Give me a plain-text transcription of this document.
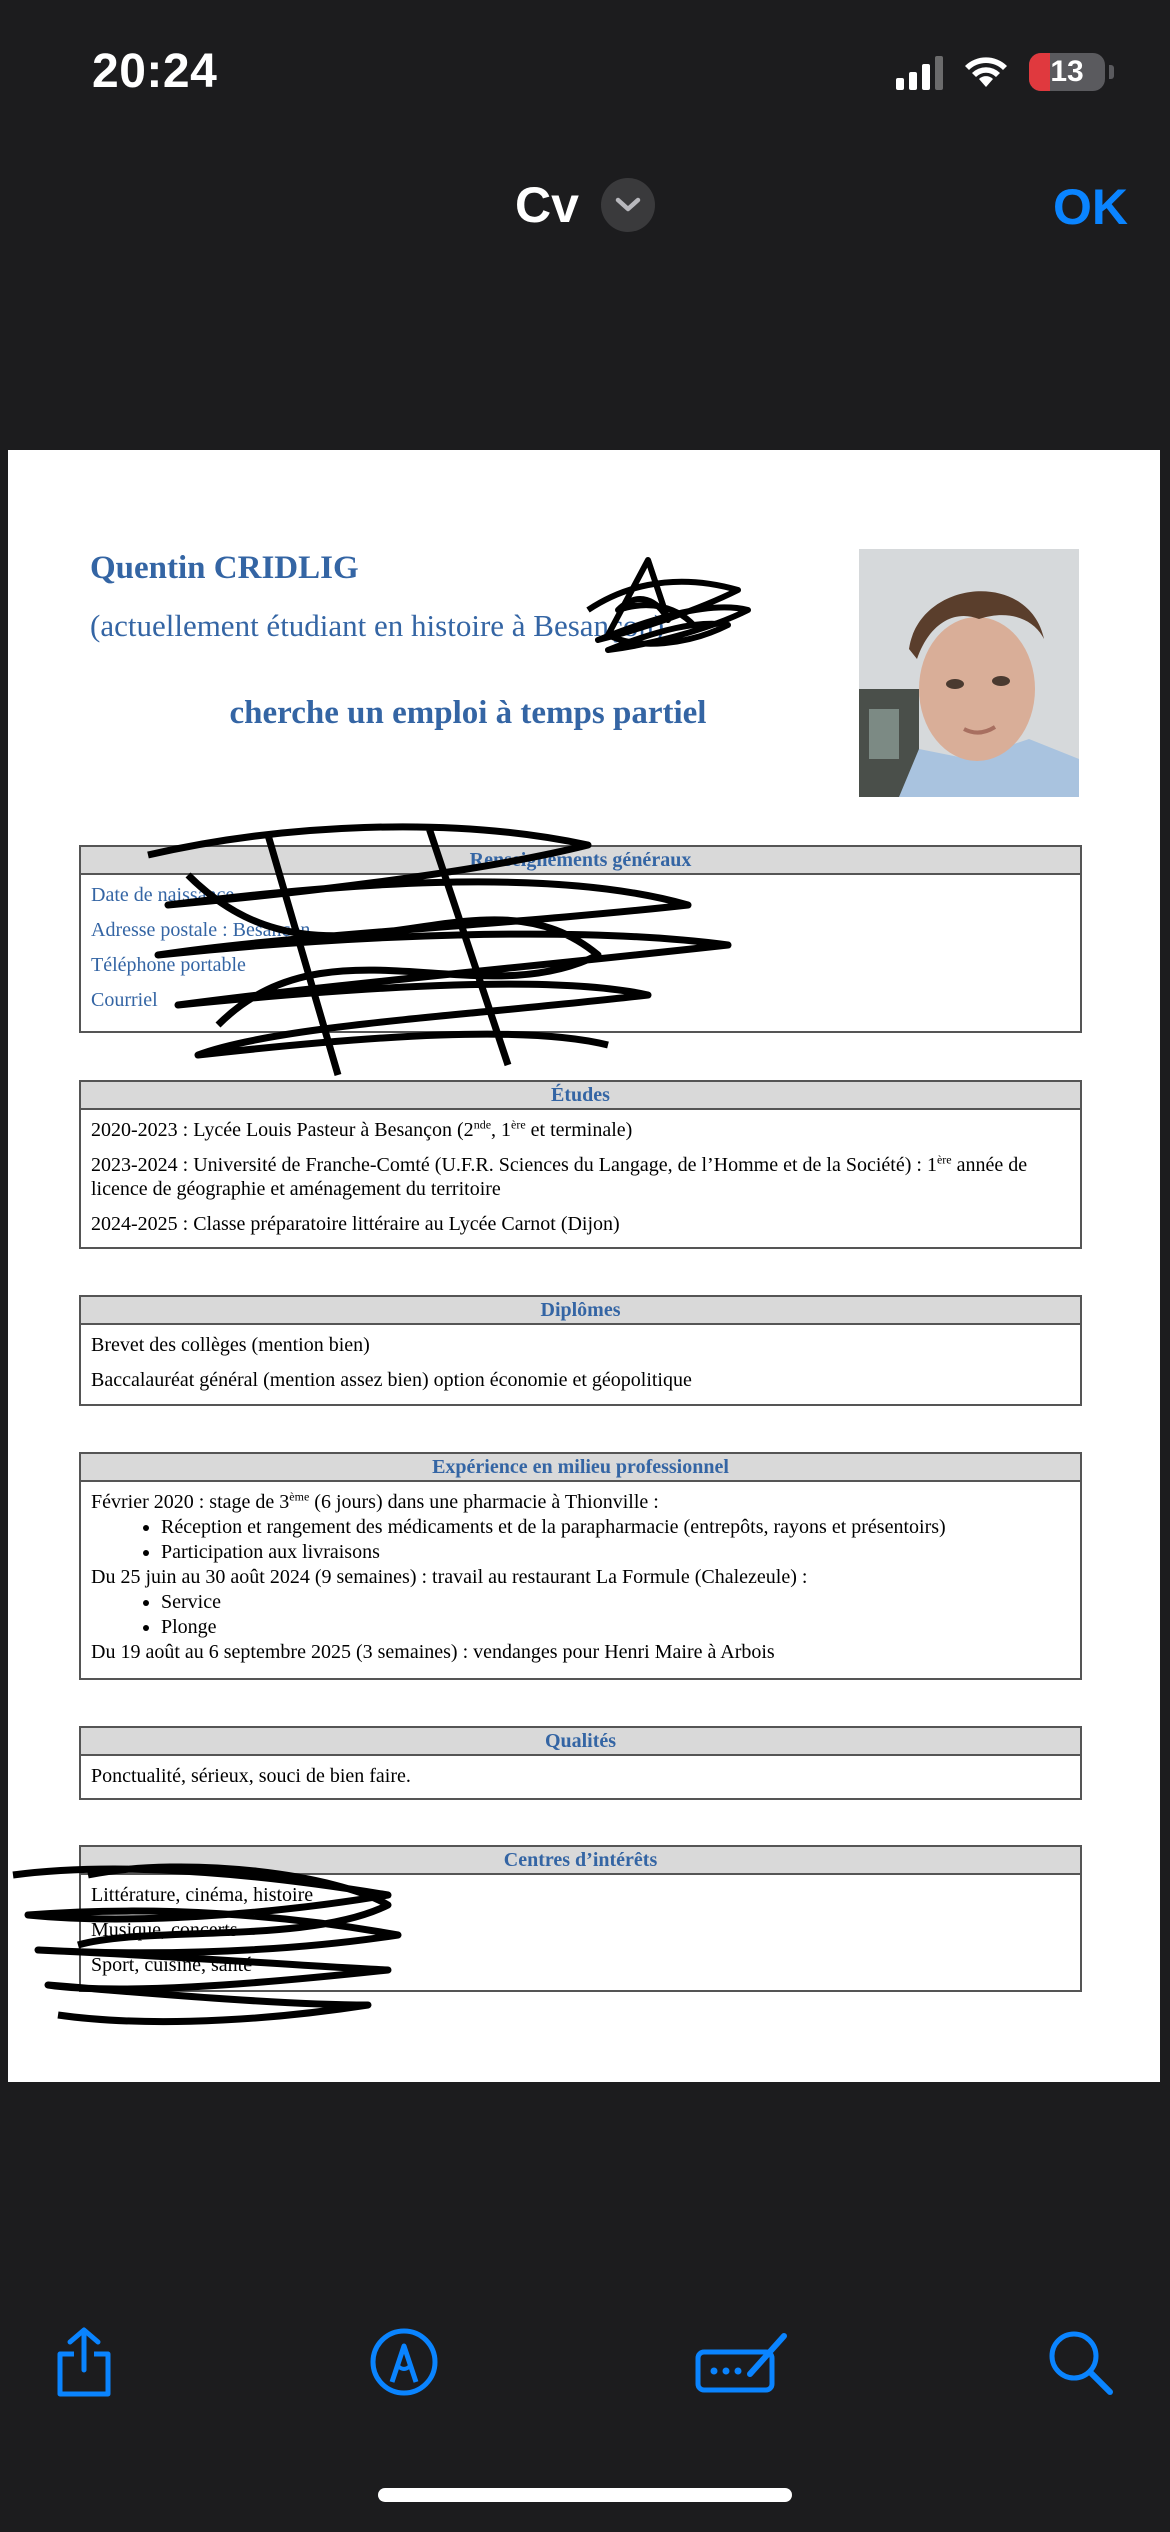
20:24	13
Cv	OK
Quentin CRIDLIG
(actuellement étudiant en histoire à Besançon)
cherche un emploi à temps partiel
Renseignements généraux
Date de naissance
Adresse postale : Besançon
Téléphone portable
Courriel
Études

2020-2023 : Lycée Louis Pasteur à Besançon (2nde, 1ère et terminale)

2023-2024 : Université de Franche-Comté (U.F.R. Sciences du Langage, de l’Homme et de la Société) : 1ère année de licence de géographie et aménagement du territoire

2024-2025 : Classe préparatoire littéraire au Lycée Carnot (Dijon)

Diplômes

Brevet des collèges (mention bien)

Baccalauréat général (mention assez bien) option économie et géopolitique

Expérience en milieu professionnel
Février 2020 : stage de 3ème (6 jours) dans une pharmacie à Thionville :
• Réception et rangement des médicaments et de la parapharmacie (entrepôts, rayons et présentoirs)
• Participation aux livraisons
Du 25 juin au 30 août 2024 (9 semaines) : travail au restaurant La Formule (Chalezeule) :
• Service
• Plonge
Du 19 août au 6 septembre 2025 (3 semaines) : vendanges pour Henri Maire à Arbois
Qualités

Ponctualité, sérieux, souci de bien faire.

Centres d’intérêts

Littérature, cinéma, histoire

Musique, concerts

Sport, cuisine, santé
